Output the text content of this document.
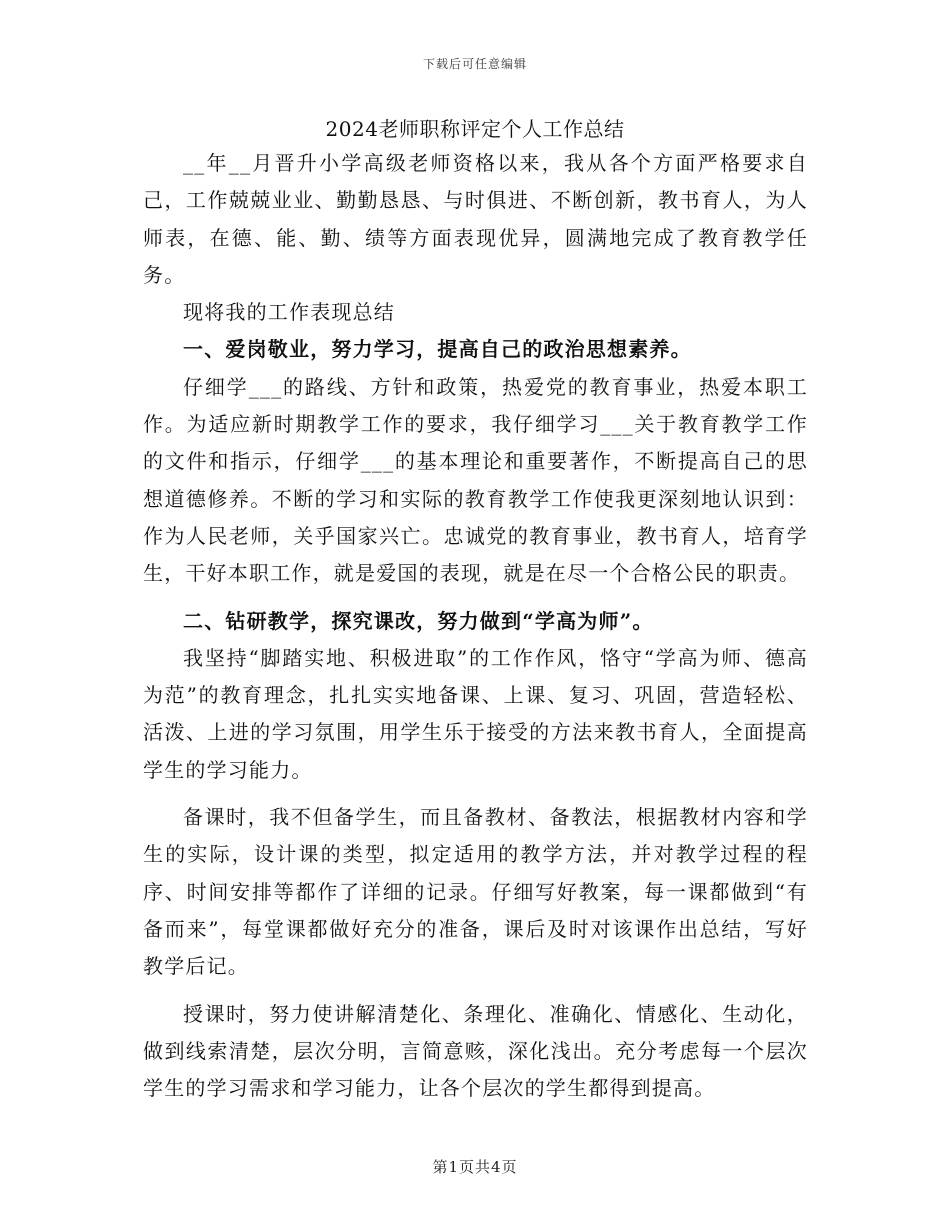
下载后可任意编辑
2024老师职称评定个人工作总结

__年__月晋升小学高级老师资格以来，我从各个方面严格要求自己，工作兢兢业业、勤勤恳恳、与时俱进、不断创新，教书育人，为人师表，在德、能、勤、绩等方面表现优异，圆满地完成了教育教学任务。

现将我的工作表现总结

一、爱岗敬业，努力学习，提高自己的政治思想素养。

仔细学___的路线、方针和政策，热爱党的教育事业，热爱本职工作。为适应新时期教学工作的要求，我仔细学习___关于教育教学工作的文件和指示，仔细学___的基本理论和重要著作，不断提高自己的思想道德修养。不断的学习和实际的教育教学工作使我更深刻地认识到：作为人民老师，关乎国家兴亡。忠诚党的教育事业，教书育人，培育学生，干好本职工作，就是爱国的表现，就是在尽一个合格公民的职责。

二、钻研教学，探究课改，努力做到“学高为师”。

我坚持“脚踏实地、积极进取”的工作作风，恪守“学高为师、德高为范”的教育理念，扎扎实实地备课、上课、复习、巩固，营造轻松、活泼、上进的学习氛围，用学生乐于接受的方法来教书育人，全面提高学生的学习能力。

备课时，我不但备学生，而且备教材、备教法，根据教材内容和学生的实际，设计课的类型，拟定适用的教学方法，并对教学过程的程序、时间安排等都作了详细的记录。仔细写好教案，每一课都做到“有备而来”，每堂课都做好充分的准备，课后及时对该课作出总结，写好教学后记。

授课时，努力使讲解清楚化、条理化、准确化、情感化、生动化，做到线索清楚，层次分明，言简意赅，深化浅出。充分考虑每一个层次学生的学习需求和学习能力，让各个层次的学生都得到提高。

第1页共4页
